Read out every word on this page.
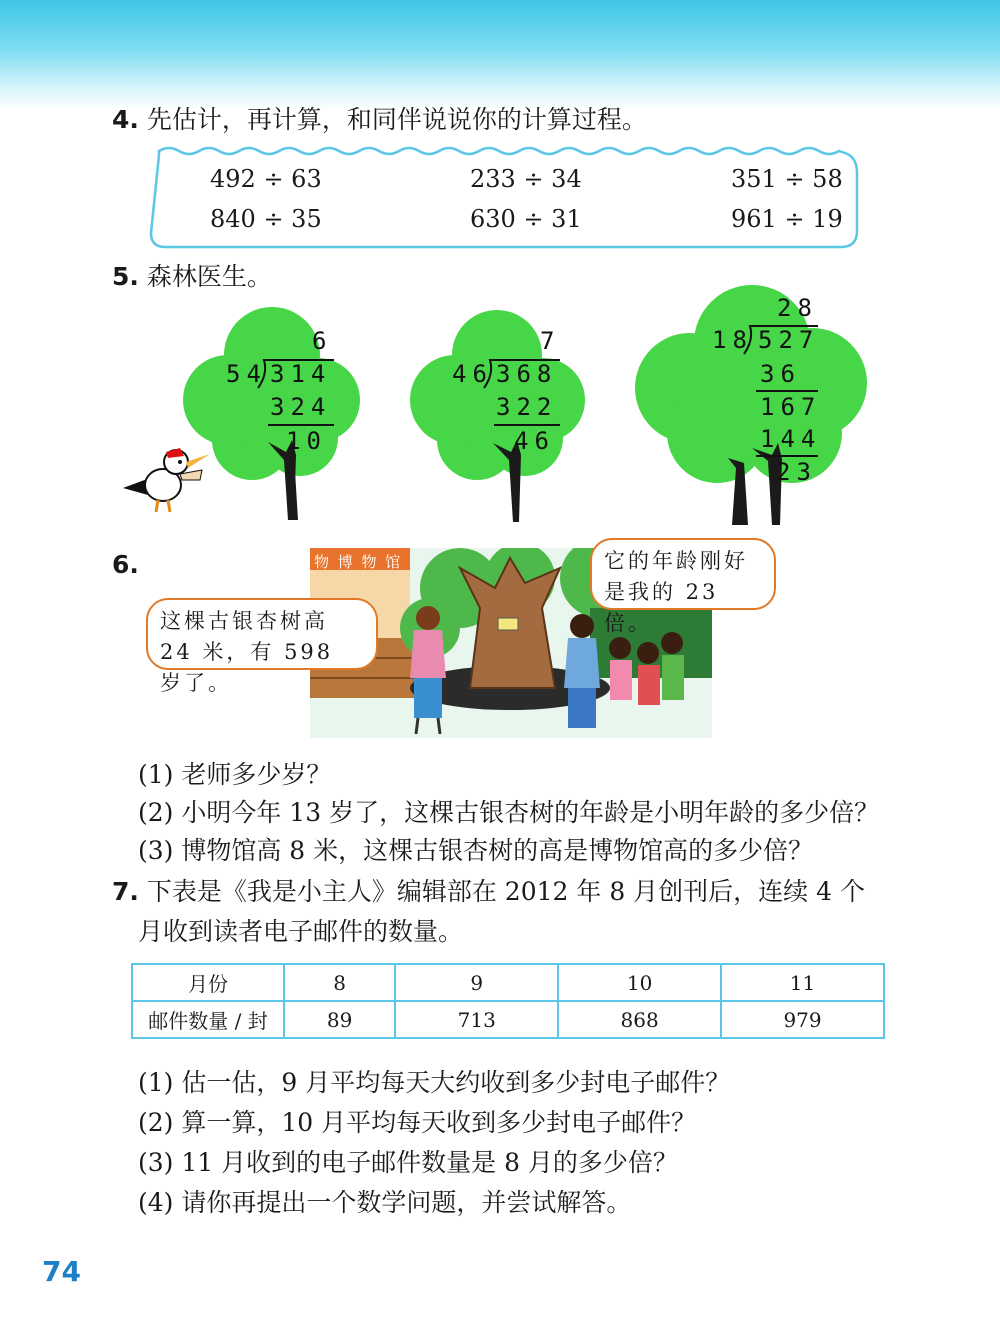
4. 先估计，再计算，和同伴说说你的计算过程。
492 ÷ 63	233 ÷ 34	351 ÷ 58
840 ÷ 35	630 ÷ 31	961 ÷ 19
5. 森林医生。
6
54 314
324
10
7
46 368
322
46
28
18 527
36
167
144
23
6.	物 博 物 馆
这棵古银杏树高 24 米，有 598 岁了。
它的年龄刚好是我的 23 倍。
(1) 老师多少岁？
(2) 小明今年 13 岁了，这棵古银杏树的年龄是小明年龄的多少倍？
(3) 博物馆高 8 米，这棵古银杏树的高是博物馆高的多少倍？
7. 下表是《我是小主人》编辑部在 2012 年 8 月创刊后，连续 4 个
月收到读者电子邮件的数量。
月份	8	9	10	11
邮件数量 / 封	89	713	868	979
(1) 估一估，9 月平均每天大约收到多少封电子邮件？
(2) 算一算，10 月平均每天收到多少封电子邮件？
(3) 11 月收到的电子邮件数量是 8 月的多少倍？
(4) 请你再提出一个数学问题，并尝试解答。
74
